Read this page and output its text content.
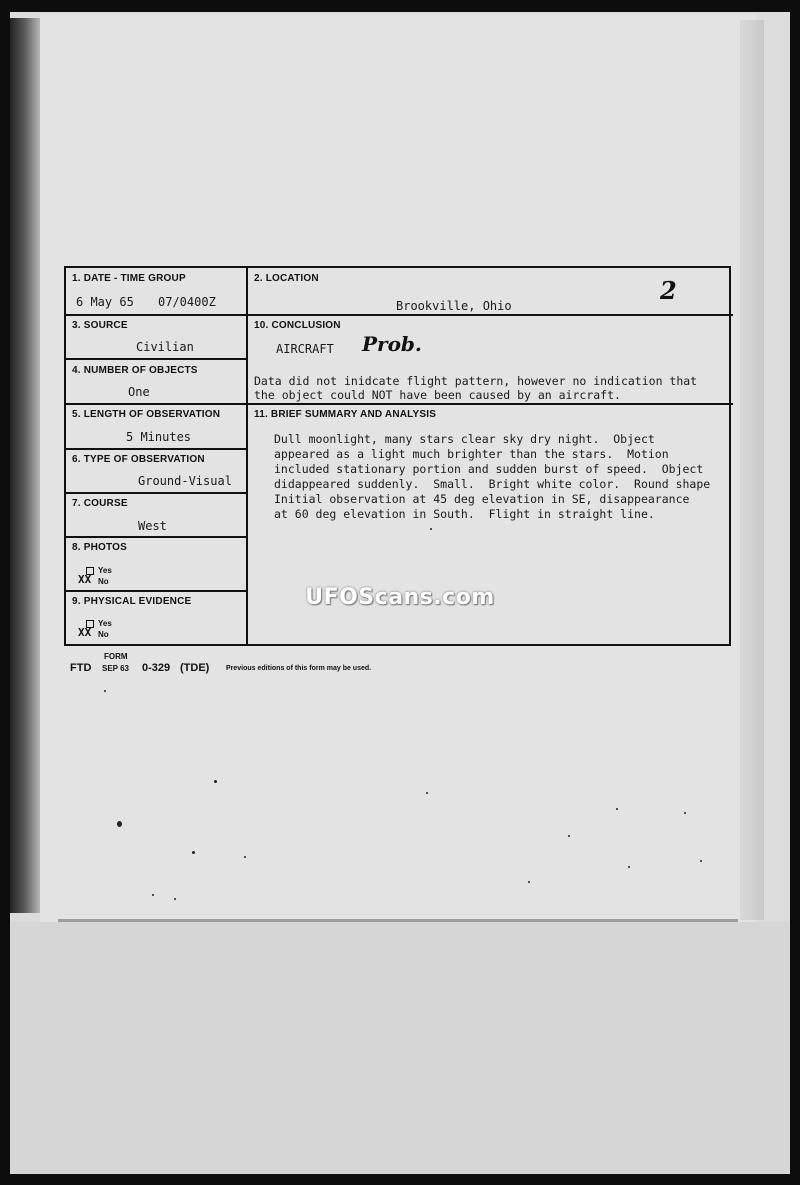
2
1. DATE - TIME GROUP
6 May 65 07/0400Z
2. LOCATION
Brookville, Ohio
3. SOURCE
Civilian
10. CONCLUSION
AIRCRAFT Prob.
Data did not inidcate flight pattern, however no indication that
the object could NOT have been caused by an aircraft.
4. NUMBER OF OBJECTS
One
5. LENGTH OF OBSERVATION
5 Minutes
11. BRIEF SUMMARY AND ANALYSIS
Dull moonlight, many stars clear sky dry night.  Object
appeared as a light much brighter than the stars.  Motion
included stationary portion and sudden burst of speed.  Object
didappeared suddenly.  Small.  Bright white color.  Round shape
Initial observation at 45 deg elevation in SE, disappearance
at 60 deg elevation in South.  Flight in straight line.
6. TYPE OF OBSERVATION
Ground-Visual
7. COURSE
West
8. PHOTOS
Yes
No
XX
9. PHYSICAL EVIDENCE
Yes
No
XX
FORM
FTD SEP 63 0-329 (TDE) Previous editions of this form may be used.
UFOScans.com
